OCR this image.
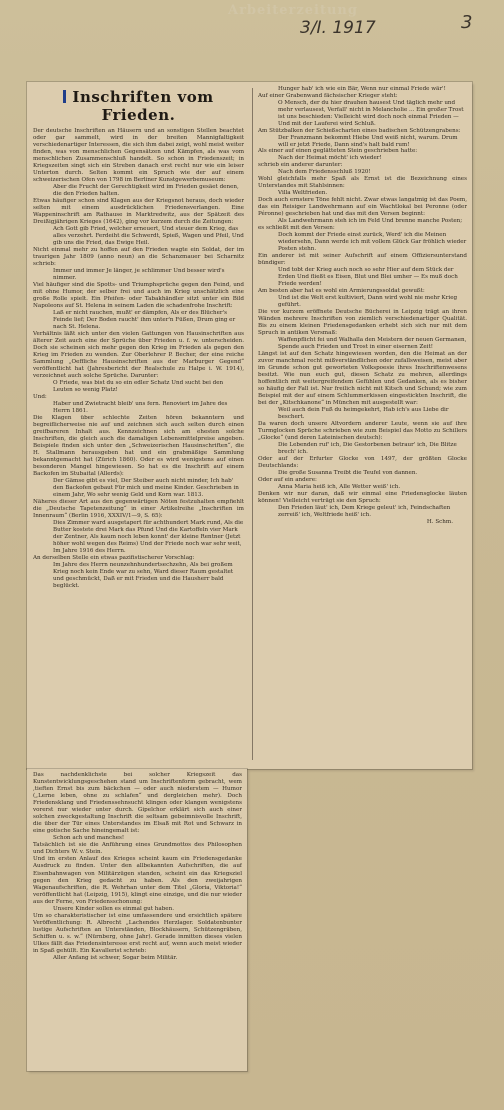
Arbeiterzeitung
3/I. 1917	3
Inschriften vom Frieden.

Der deutsche Inschriften an Häusern und an sonstigen Stellen beachtet oder gar sammelt, wird in der breiten Mannigfaltigkeit verschiedenartiger Interessen, die sich ihm dabei zeigt, wohl meist weiter finden, was von menschlichen Gegensätzen und Kämpfen, als was vom menschlichen Zusammenschluß handelt. So schon in Friedenszeit; in Kriegszeiten singt sich ein Streben danach erst recht nur wie ein leiser Unterton durch. Selten kommt ein Spruch wie der auf einem schweizerischen Ofen von 1798 im Berliner Kunstgewerbemuseum:

Aber die Frucht der Gerechtigkeit wird im Frieden gesäet denen, die den Frieden halten.

Etwas häufiger schon sind Klagen aus der Kriegsnot heraus, doch wieder selten mit einem ausdrücklichen Friedensverlangen. Eine Wappeninschrift am Rathause in Marktredwitz, aus der Spätzeit des Dreißigjährigen Krieges (1642), ging vor kurzem durch die Zeitungen:

Ach Gott gib Fried, welcher erneuert, Und steuer dem Krieg, das alles verzehrt. Ferdeiht die Schwerdt, Spieß, Wagen und Pfeil, Und gib uns die Fried, das Ewige Heil.

Nicht einmal mehr zu hoffen auf den Frieden wagte ein Soldat, der im traurigen Jahr 1809 (anno neun) an die Schanzmauer bei Scharnitz schrieb:

Immer und immer Je länger, je schlimmer Und besser wird's nimmer.

Viel häufiger sind die Spotts- und Triumphsprüche gegen den Feind, und mit ohne Humor, der selber frei und auch im Krieg unschätzlich eine große Rolle spielt. Ein Pfeifen- oder Tabakhändler sitzt unter ein Bild Napoleons auf St. Helena in seinem Laden die schadenfrohe Inschrift:

Laß er nicht rauchen, mußt' er dämpfen, Als er des Blücher's Feinde lief; Der Boden raucht' ihm unter'n Füßen, Drum ging er nach St. Helena.

Verhältnis läßt sich unter den vielen Gattungen von Hausinschriften aus älterer Zeit auch eine der Sprüche über Frieden u. f. w. unterscheiden. Doch sie scheinen sich mehr gegen den Krieg im Frieden als gegen den Krieg im Frieden zu wenden. Zur Oberlehrer P. Becher, der eine reiche Sammlung „Oeffliche Hausinschriften aus der Marburger Gegend“ veröffentlicht hat (Jahresbericht der Realschule zu Halpe i. W. 1914), verzeichnet auch solche Sprüche. Darunter:

O Friede, was bist du so ein edler Schatz Und sucht bei den Leuten so wenig Platz!

Und:

Haber und Zwietracht bleib' uns fern. Renoviert im Jahre des Herrn 1861.

Die Klagen über schlechte Zeiten hören bekanntern und begreiflicherweise nie auf und zeichnen sich auch selten durch einen greifbareren Inhalt aus. Kennzeichnen sich am ehesten solche Inschriften, die gleich auch die damaligen Lebensmittelpreise angeben. Beispiele finden sich unter den „Schweizerischen Hausinschriften“, die H. Stallmann herausgeben hat und ein grabmäßige Sammlung bekanntgemacht hat (Zürich 1860). Oder es wird wenigstens auf einen besonderen Mangel hingewiesen. So hat es die Inschrift auf einem Backofen im Stubaital (Allerds):

Der Gämse gibt es viel, Der Steiber auch nicht minder, Ich hab' den Backofen gebaut Für mich und meine Kinder. Geschrieben in einem Jahr, Wo sehr wenig Geld und Korn war. 1813.

Näheres dieser Art aus den gegenwärtigen Nöten festzuhalten empfiehlt die „Deutsche Tapetenzeitung“ in einer Artikelreihe „Inschriften im Innenraum“ (Berlin 1916, XXXIV/1—9, S. 65):

Dies Zimmer ward ausgetapert für achthundert Mark rund, Als die Butter kostete drei Mark das Pfund Und die Kartoffeln vier Mark der Zentner, Als kaum noch leben konnt' der kleine Rentner (Jetzt höher wohl wegen des Reims) Und der Friede noch war sehr weit, Im Jahre 1916 des Herrn.

An derselben Stelle ein etwas pazifistischerer Vorschlag:

Im Jahre des Herrn neunzehnhundertsechzehn, Als bei großem Krieg noch kein Ende war zu sehn, Ward dieser Raum gestaltet und geschmückt, Daß er mit Frieden und die Hausherr bald beglückt.

Hunger hab' ich wie ein Bär, Wenn nur einmal Friede wär'!

Auf einer Grabenwand fächsischer Krieger steht:

O Mensch, der du hier drauhen hausest Und täglich mehr und mehr verlausest, Verfall' nicht in Melancholie ... Ein großer Trost ist uns beschieden: Vielleicht wird doch noch einmal Frieden — Und mit der Lauferei wird Schluß.

Am Stützbalken der Schießscharten eines badischen Schützengrabens:

Der Franzmann bekommt Hiebe Und weiß nicht, warum. Drum will er jetzt Friede, Dann sind's halt bald rum!

Als einer auf einen geglätteten Stein geschrieben hatte:

Nach der Heimat möcht' ich wieder!

schrieb ein anderer darunter:

Nach dem Friedensschluß 1920!

Wohl gleichfalls mehr Spaß als Ernst ist die Bezeichnung eines Unterstandes mit Stahlsinnen:

Villa Weltfrieden.

Doch auch ernstere Töne fehlt nicht. Zwar etwas langatmig ist das Poem, das ein Reisiger Landwehrmann auf ein Wachtlokal bei Peronne (oder Péronne) geschrieben hat und das mit den Versen beginnt:

Als Landwehrmann steh ich im Feld Und brenne manche Posten;

es schließt mit den Versen:

Doch kommt der Friede einst zurück, Werd' ich die Meinen wiedersehn, Dann werde ich mit vollem Glück Gar fröhlich wieder Posten stehn.

Ein anderer ist mit seiner Aufschrift auf einem Offiziersunterstand bündiger:

Und tobt der Krieg auch noch so sehr Hier auf dem Stück der Erden Und fließt es Eisen, Blut und Blei umher — Es muß doch Friede werden!

Am besten aber hat es wohl ein Armierungssoldat gewußt:

Und ist die Welt erst kultiviert, Dann wird wohl nie mehr Krieg geführt.

Die vor kurzem eröffnete Deutsche Bücherei in Leipzig trägt an ihren Wänden mehrere Inschriften von ziemlich verschiedenartiger Qualität. Bis zu einem kleinen Friedensgedanken erhebt sich sich nur mit dem Spruch in antiken Versmaß:

Waffenpflicht fei und Walhalla den Meistern der neuen Germanen, Spende auch Frieden und Trost in einer eisernen Zeit!

Längst ist auf den Schatz hingewiesen worden, den die Heimat an der zuvor manchmal recht mißverständlichen oder zufallsweisen, meist aber im Grunde schon gut geworteten Volkspoesie ihres Inschriftenwesens besitzt. Wie nun euch gut, diesen Schatz zu mehren, allerdings hoffentlich mit weitergreifendem Gefühlen und Gedanken, als es bisher so häufig der Fall ist. Nur freilich nicht mit Kitsch und Schund; wie zum Beispiel mit der auf einem Schlummerkissen eingestickten Inschrift, die bei der „Kitschkanone“ in München mit ausgestellt war:

Weil auch dein Fuß du heimgekehrt, Hab ich's aus Liebe dir beschert.

Da waren doch unsere Altvordern anderer Leute, wenn sie auf ihre Turmglocken Sprüche schrieben wie zum Beispiel das Motto zu Schillers „Glocke“ (und deren Lateinischen deutsch):

Die Lebenden ruf' ich, Die Gestorbenen betraur' ich, Die Blitze brech' ich.

Oder auf der Erfurter Glocke von 1497, der größten Glocke Deutschlands:

Die große Susanna Treibt die Teufel von dannen.

Oder auf ein andere:

Anna Maria heiß ich, Alle Wetter weiß' ich.

Denken wir nur daran, daß wir einmal eine Friedensglocke läuten können! Vielleicht verträgt sie den Spruch:

Den Frieden läut' ich, Dem Kriege geleut' ich, Feindschaften zerreiß' ich, Weltfriede heiß' ich.

H. Schm.

Das nachdenklichste bei solcher Kriegszeit das Kunstentwicklungsgeschehen stand um Inschriftenform gebracht, wem ,tieften Ernst bis zum bäckchen — oder auch niederstem — Humor („Lerne leben, ohne zu schlafen“ und dergleichen mehr). Doch Friedensklang und Friedenssehnsucht klingen oder klangen wenigstens vorerst nur wieder unter durch. Gipelchor erklärt sich auch einer solchen zweckgestaltung Inschrift die seltsam gebeimnisvolle Inschrift, die über der Tür eines Unterstandes im Elsaß mit Rot und Schwarz in eine gotische Sache hineingemalt ist:

Schon ach und manches!

Tatsächlich ist sie die Anführung eines Grundmottos des Philosophen und Dichters W. v. Stein.

Und im ersten Anlauf des Krieges scheint kaum ein Friedensgedanke Ausdruck zu finden. Unter den allbekannten Aufschriften, die auf Eisenbahnwagen von Militärzügen standen, scheint ein das Kriegsziel gegen den Krieg gedacht zu haben. Als den zweijahrigen Wagenaufschriften, die R. Wehrhan unter dem Titel „Gloria, Viktoria!“ veröffentlicht hat (Leipzig, 1915), klingt eine einzige, und die nur wieder aus der Ferne, von Friedensschonung:

Unsere Kinder sollen es einmal gut haben.

Um so charakteristischer ist eine umfassendere und ersichtlich spätere Veröffentlichung: R. Albrecht „Lachendes Herzlager. Soldatenbunter lustige Aufschriften an Unterständen, Blockhäusern, Schützengräben, Schiffen u. s. w.“ (Nürnberg, ohne Jahr). Gerade inmitten dieses vielen Ulkes fällt das Friedensinteresse erst recht auf, wenn auch meist wieder in Spaß gehüllt. Ein Kavallerist schrieb:

Aller Anfang ist schwer, Sogar beim Militär.
